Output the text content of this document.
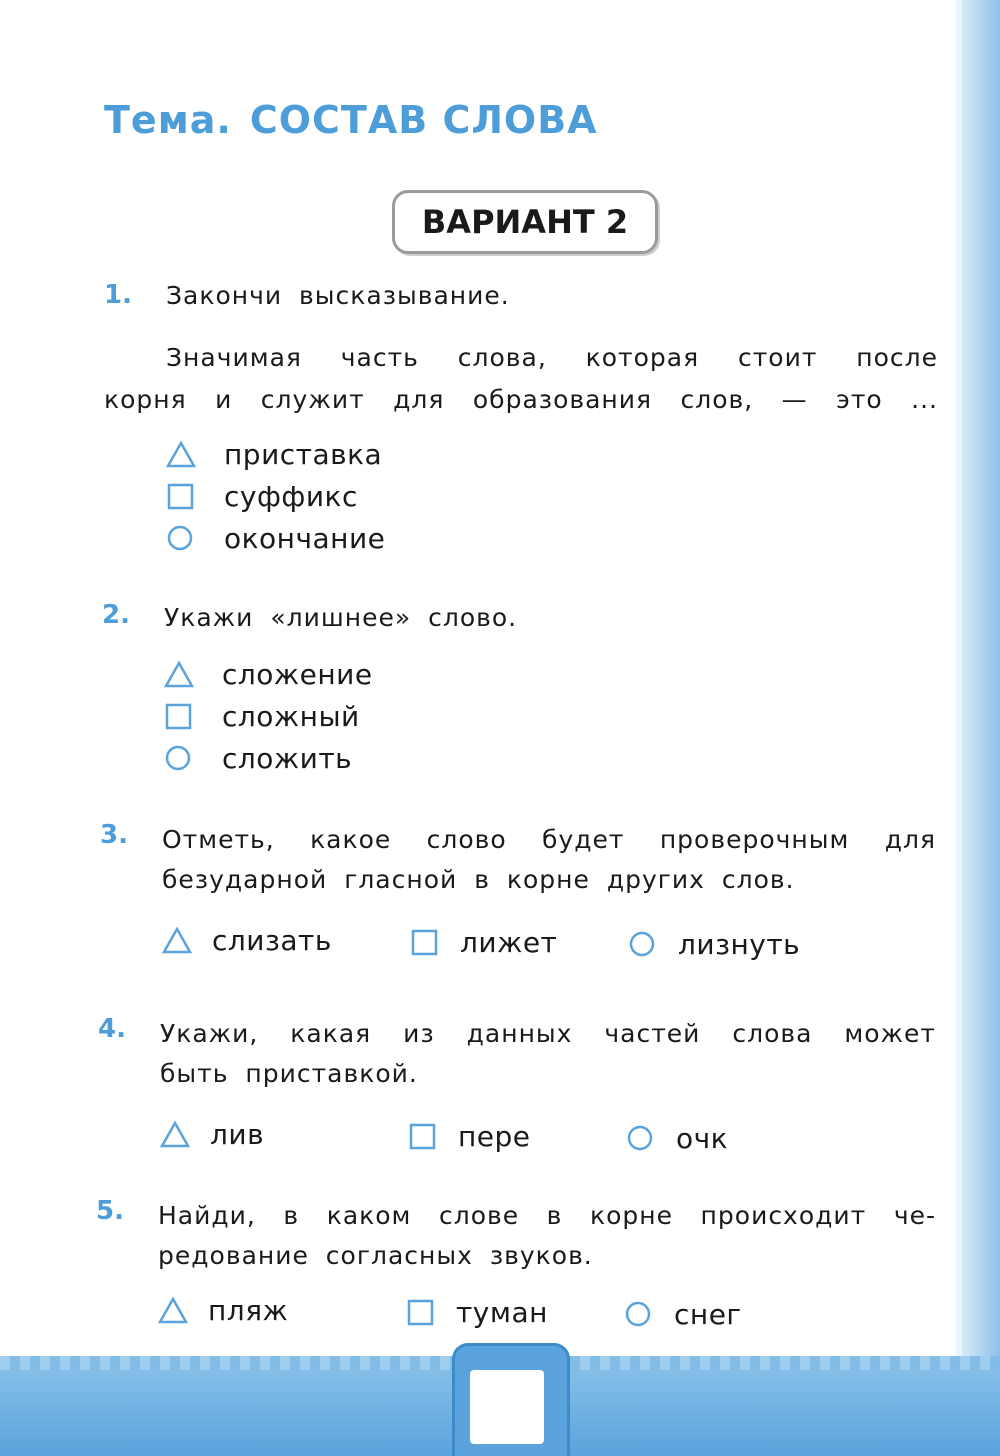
Тема. СОСТАВ СЛОВА
ВАРИАНТ 2
1. Закончи высказывание.
Значимая часть слова, которая стоит после
корня и служит для образования слов, — это ...
приставка
суффикс
окончание
2. Укажи «лишнее» слово.
сложение
сложный
сложить
3. Отметь, какое слово будет проверочным для
безударной гласной в корне других слов.
слизать	лижет	лизнуть
4. Укажи, какая из данных частей слова может
быть приставкой.
лив	пере	очк
5. Найди, в каком слове в корне происходит че-
редование согласных звуков.
пляж	туман	снег
